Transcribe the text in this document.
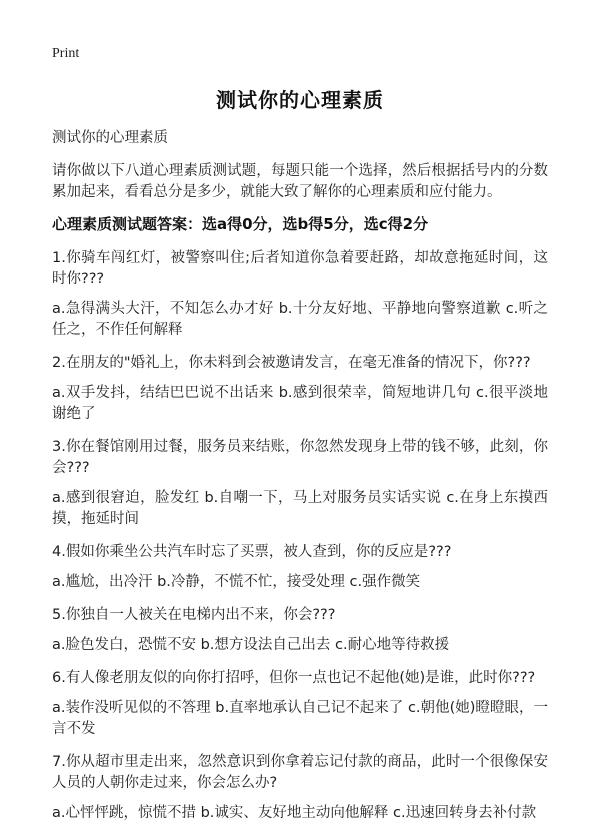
Print
测试你的心理素质
测试你的心理素质

请你做以下八道心理素质测试题，每题只能一个选择，然后根据括号内的分数累加起来，看看总分是多少，就能大致了解你的心理素质和应付能力。

心理素质测试题答案：选a得0分，选b得5分，选c得2分

1.你骑车闯红灯，被警察叫住;后者知道你急着要赶路，却故意拖延时间，这时你???

a.急得满头大汗，不知怎么办才好 b.十分友好地、平静地向警察道歉 c.听之任之，不作任何解释

2.在朋友的"婚礼上，你未料到会被邀请发言，在毫无准备的情况下，你???

a.双手发抖，结结巴巴说不出话来 b.感到很荣幸，简短地讲几句 c.很平淡地谢绝了

3.你在餐馆刚用过餐，服务员来结账，你忽然发现身上带的钱不够，此刻，你会???

a.感到很窘迫，脸发红 b.自嘲一下，马上对服务员实话实说 c.在身上东摸西摸，拖延时间

4.假如你乘坐公共汽车时忘了买票，被人查到，你的反应是???

a.尴尬，出冷汗 b.冷静，不慌不忙，接受处理 c.强作微笑

5.你独自一人被关在电梯内出不来，你会???

a.脸色发白，恐慌不安 b.想方设法自己出去 c.耐心地等待救援

6.有人像老朋友似的向你打招呼，但你一点也记不起他(她)是谁，此时你???

a.装作没听见似的不答理 b.直率地承认自己记不起来了 c.朝他(她)瞪瞪眼，一言不发

7.你从超市里走出来，忽然意识到你拿着忘记付款的商品，此时一个很像保安人员的人朝你走过来，你会怎么办?

a.心怦怦跳，惊慌不措 b.诚实、友好地主动向他解释 c.迅速回转身去补付款
